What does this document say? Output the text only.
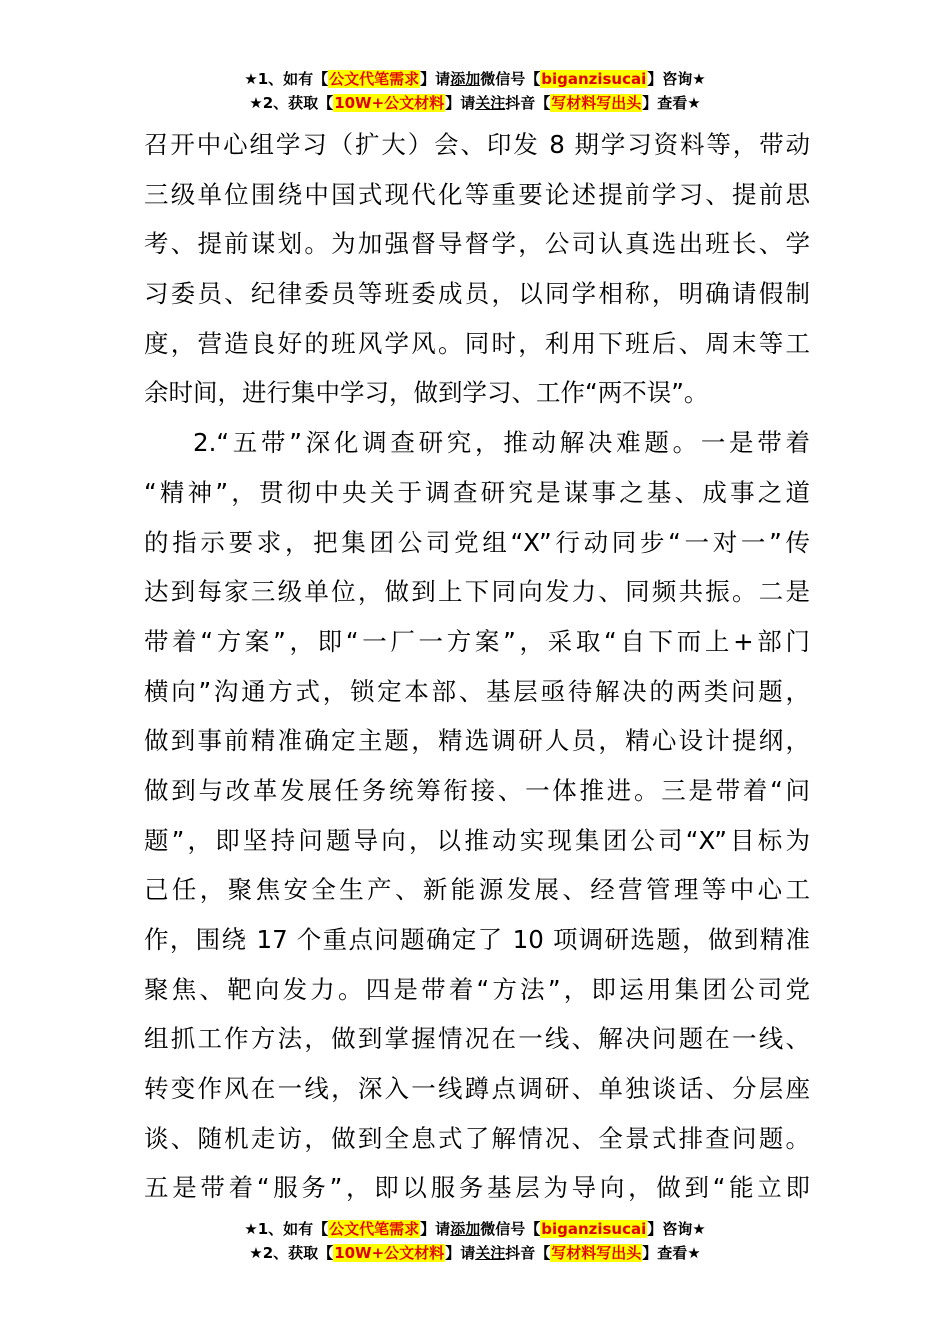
★1、如有【公文代笔需求】请添加微信号【biganzisucai】咨询★
★2、获取【10W+公文材料】请关注抖音【写材料写出头】查看★
召开中心组学习（扩大）会、印发 8 期学习资料等，带动
三级单位围绕中国式现代化等重要论述提前学习、提前思
考、提前谋划。为加强督导督学，公司认真选出班长、学
习委员、纪律委员等班委成员，以同学相称，明确请假制
度，营造良好的班风学风。同时，利用下班后、周末等工
余时间，进行集中学习，做到学习、工作“两不误”。
2.“五带”深化调查研究，推动解决难题。一是带着
“精神”，贯彻中央关于调查研究是谋事之基、成事之道
的指示要求，把集团公司党组“X”行动同步“一对一”传
达到每家三级单位，做到上下同向发力、同频共振。二是
带着“方案”，即“一厂一方案”，采取“自下而上+部门
横向”沟通方式，锁定本部、基层亟待解决的两类问题，
做到事前精准确定主题，精选调研人员，精心设计提纲，
做到与改革发展任务统筹衔接、一体推进。三是带着“问
题”，即坚持问题导向，以推动实现集团公司“X”目标为
己任，聚焦安全生产、新能源发展、经营管理等中心工
作，围绕 17 个重点问题确定了 10 项调研选题，做到精准
聚焦、靶向发力。四是带着“方法”，即运用集团公司党
组抓工作方法，做到掌握情况在一线、解决问题在一线、
转变作风在一线，深入一线蹲点调研、单独谈话、分层座
谈、随机走访，做到全息式了解情况、全景式排查问题。
五是带着“服务”，即以服务基层为导向，做到“能立即
★1、如有【公文代笔需求】请添加微信号【biganzisucai】咨询★
★2、获取【10W+公文材料】请关注抖音【写材料写出头】查看★
